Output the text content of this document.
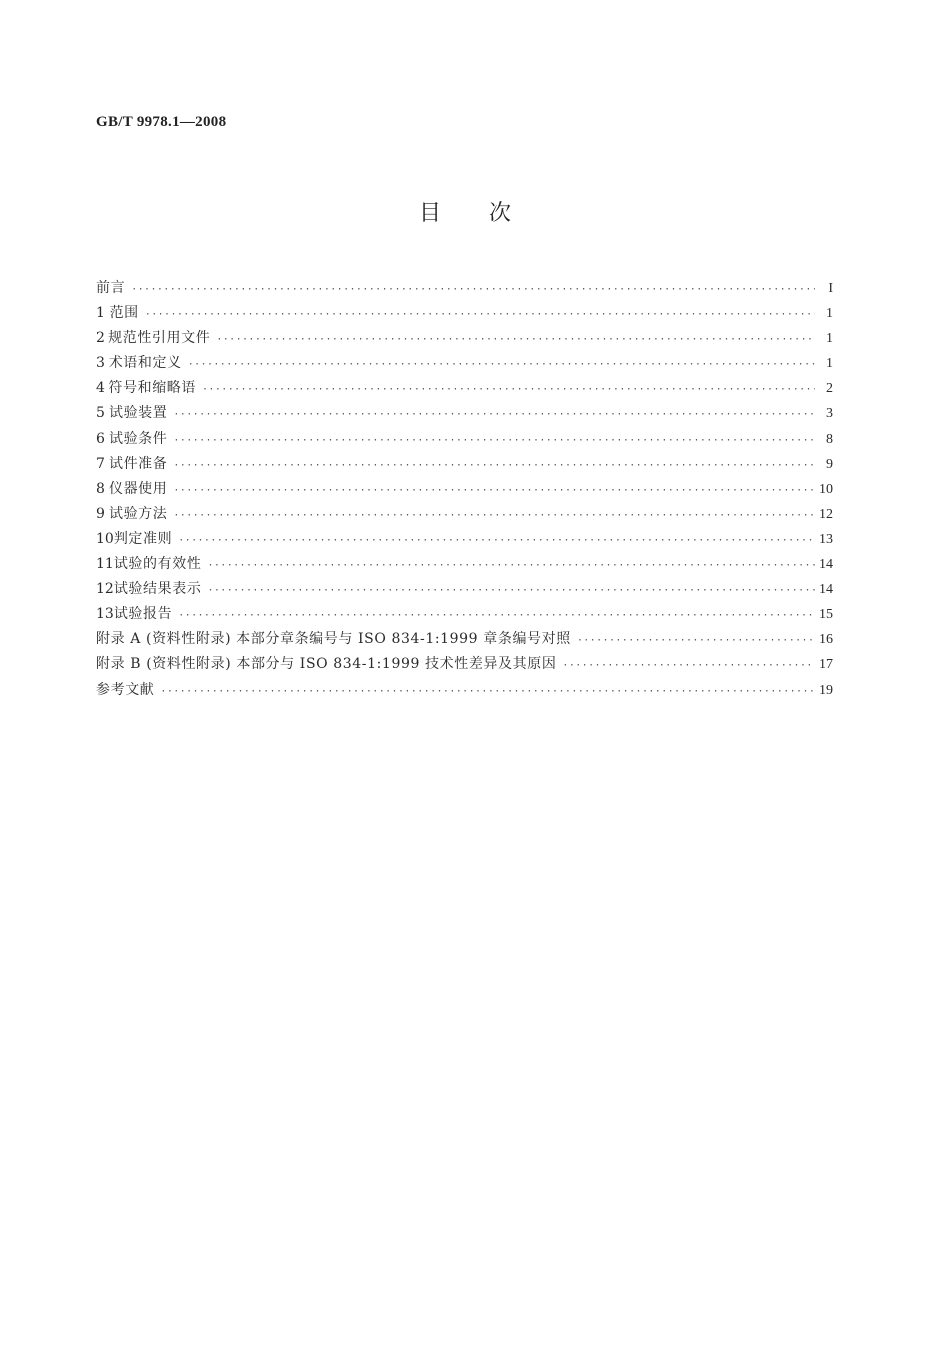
GB/T 9978.1—2008
目次
前言 ·····	I
1 范围 ·····	1
2 规范性引用文件 ·····	1
3 术语和定义 ·····	1
4 符号和缩略语 ·····	2
5 试验装置 ·····	3
6 试验条件 ·····	8
7 试件准备 ·····	9
8 仪器使用 ·····	10
9 试验方法 ·····	12
10 判定准则 ·····	13
11 试验的有效性 ·····	14
12 试验结果表示 ·····	14
13 试验报告 ·····	15
附录 A (资料性附录) 本部分章条编号与 ISO 834-1:1999 章条编号对照 ·····	16
附录 B (资料性附录) 本部分与 ISO 834-1:1999 技术性差异及其原因 ·····	17
参考文献 ·····	19
